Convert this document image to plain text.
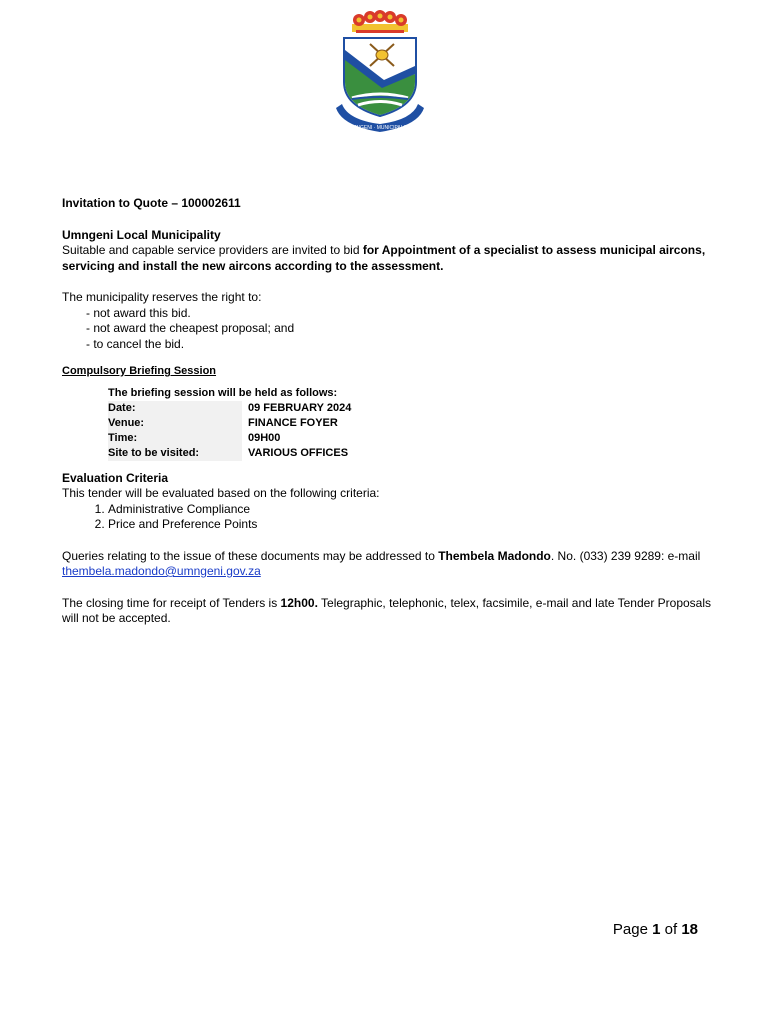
UMNGENI · MUNICIPALITY
Invitation to Quote – 100002611
Umngeni Local Municipality
Suitable and capable service providers are invited to bid for Appointment of a specialist to assess municipal aircons, servicing and install the new aircons according to the assessment.
The municipality reserves the right to:
- not award this bid.
- not award the cheapest proposal; and
- to cancel the bid.
Compulsory Briefing Session
The briefing session will be held as follows:
Date:	09 FEBRUARY 2024
Venue:	FINANCE FOYER
Time:	09H00
Site to be visited:	VARIOUS OFFICES
Evaluation Criteria
This tender will be evaluated based on the following criteria:
1. Administrative Compliance
2. Price and Preference Points
Queries relating to the issue of these documents may be addressed to Thembela Madondo. No. (033) 239 9289: e-mail
thembela.madondo@umngeni.gov.za
The closing time for receipt of Tenders is 12h00. Telegraphic, telephonic, telex, facsimile, e-mail and late Tender Proposals will not be accepted.
Page 1 of 18
